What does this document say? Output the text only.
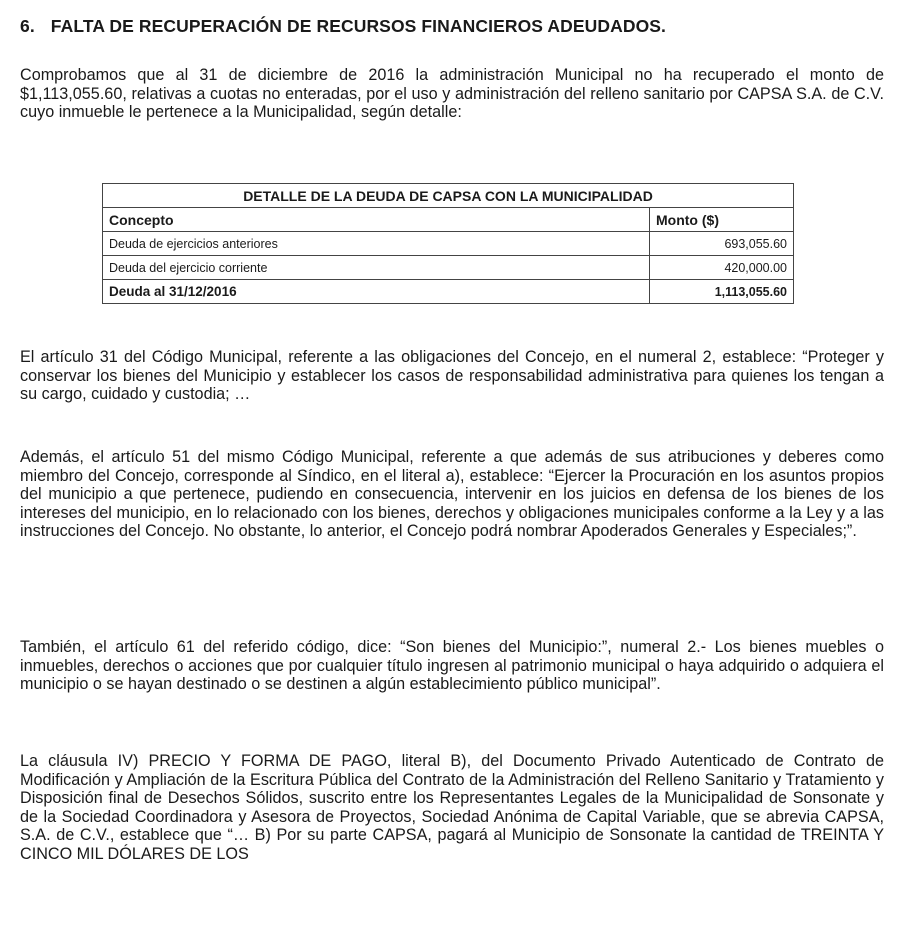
6. FALTA DE RECUPERACIÓN DE RECURSOS FINANCIEROS ADEUDADOS.

Comprobamos que al 31 de diciembre de 2016 la administración Municipal no ha recuperado el monto de $1,113,055.60, relativas a cuotas no enteradas, por el uso y administración del relleno sanitario por CAPSA S.A. de C.V. cuyo inmueble le pertenece a la Municipalidad, según detalle:

DETALLE DE LA DEUDA DE CAPSA CON LA MUNICIPALIDAD	
Concepto	Monto ($)
Deuda de ejercicios anteriores	693,055.60
Deuda del ejercicio corriente	420,000.00
Deuda al 31/12/2016	1,113,055.60

El artículo 31 del Código Municipal, referente a las obligaciones del Concejo, en el numeral 2, establece: “Proteger y conservar los bienes del Municipio y establecer los casos de responsabilidad administrativa para quienes los tengan a su cargo, cuidado y custodia; …

Además, el artículo 51 del mismo Código Municipal, referente a que además de sus atribuciones y deberes como miembro del Concejo, corresponde al Síndico, en el literal a), establece: “Ejercer la Procuración en los asuntos propios del municipio a que pertenece, pudiendo en consecuencia, intervenir en los juicios en defensa de los bienes de los intereses del municipio, en lo relacionado con los bienes, derechos y obligaciones municipales conforme a la Ley y a las instrucciones del Concejo. No obstante, lo anterior, el Concejo podrá nombrar Apoderados Generales y Especiales;”.

También, el artículo 61 del referido código, dice: “Son bienes del Municipio:”, numeral 2.- Los bienes muebles o inmuebles, derechos o acciones que por cualquier título ingresen al patrimonio municipal o haya adquirido o adquiera el municipio o se hayan destinado o se destinen a algún establecimiento público municipal”.

La cláusula IV) PRECIO Y FORMA DE PAGO, literal B), del Documento Privado Autenticado de Contrato de Modificación y Ampliación de la Escritura Pública del Contrato de la Administración del Relleno Sanitario y Tratamiento y Disposición final de Desechos Sólidos, suscrito entre los Representantes Legales de la Municipalidad de Sonsonate y de la Sociedad Coordinadora y Asesora de Proyectos, Sociedad Anónima de Capital Variable, que se abrevia CAPSA, S.A. de C.V., establece que “… B) Por su parte CAPSA, pagará al Municipio de Sonsonate la cantidad de TREINTA Y CINCO MIL DÓLARES DE LOS
